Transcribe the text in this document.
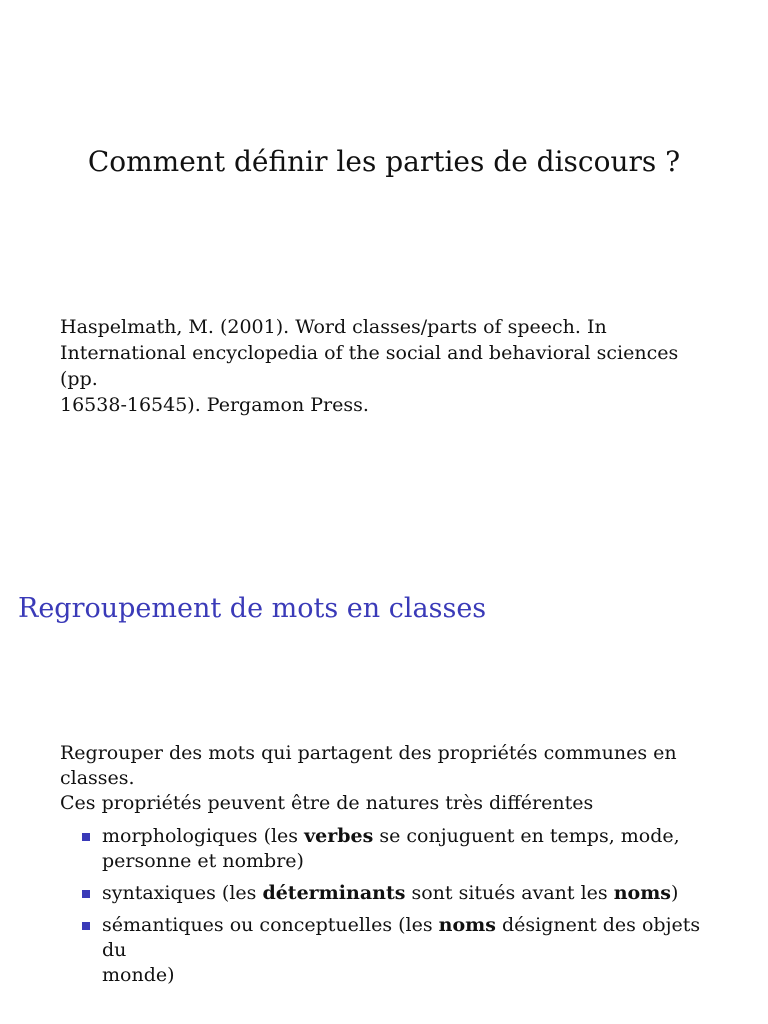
Comment définir les parties de discours ?
Haspelmath, M. (2001). Word classes/parts of speech. In
International encyclopedia of the social and behavioral sciences (pp.
16538-16545). Pergamon Press.
Regroupement de mots en classes

Regrouper des mots qui partagent des propriétés communes en
classes.

Ces propriétés peuvent être de natures très différentes

morphologiques (les verbes se conjuguent en temps, mode,
personne et nombre)
syntaxiques (les déterminants sont situés avant les noms)
sémantiques ou conceptuelles (les noms désignent des objets du
monde)
